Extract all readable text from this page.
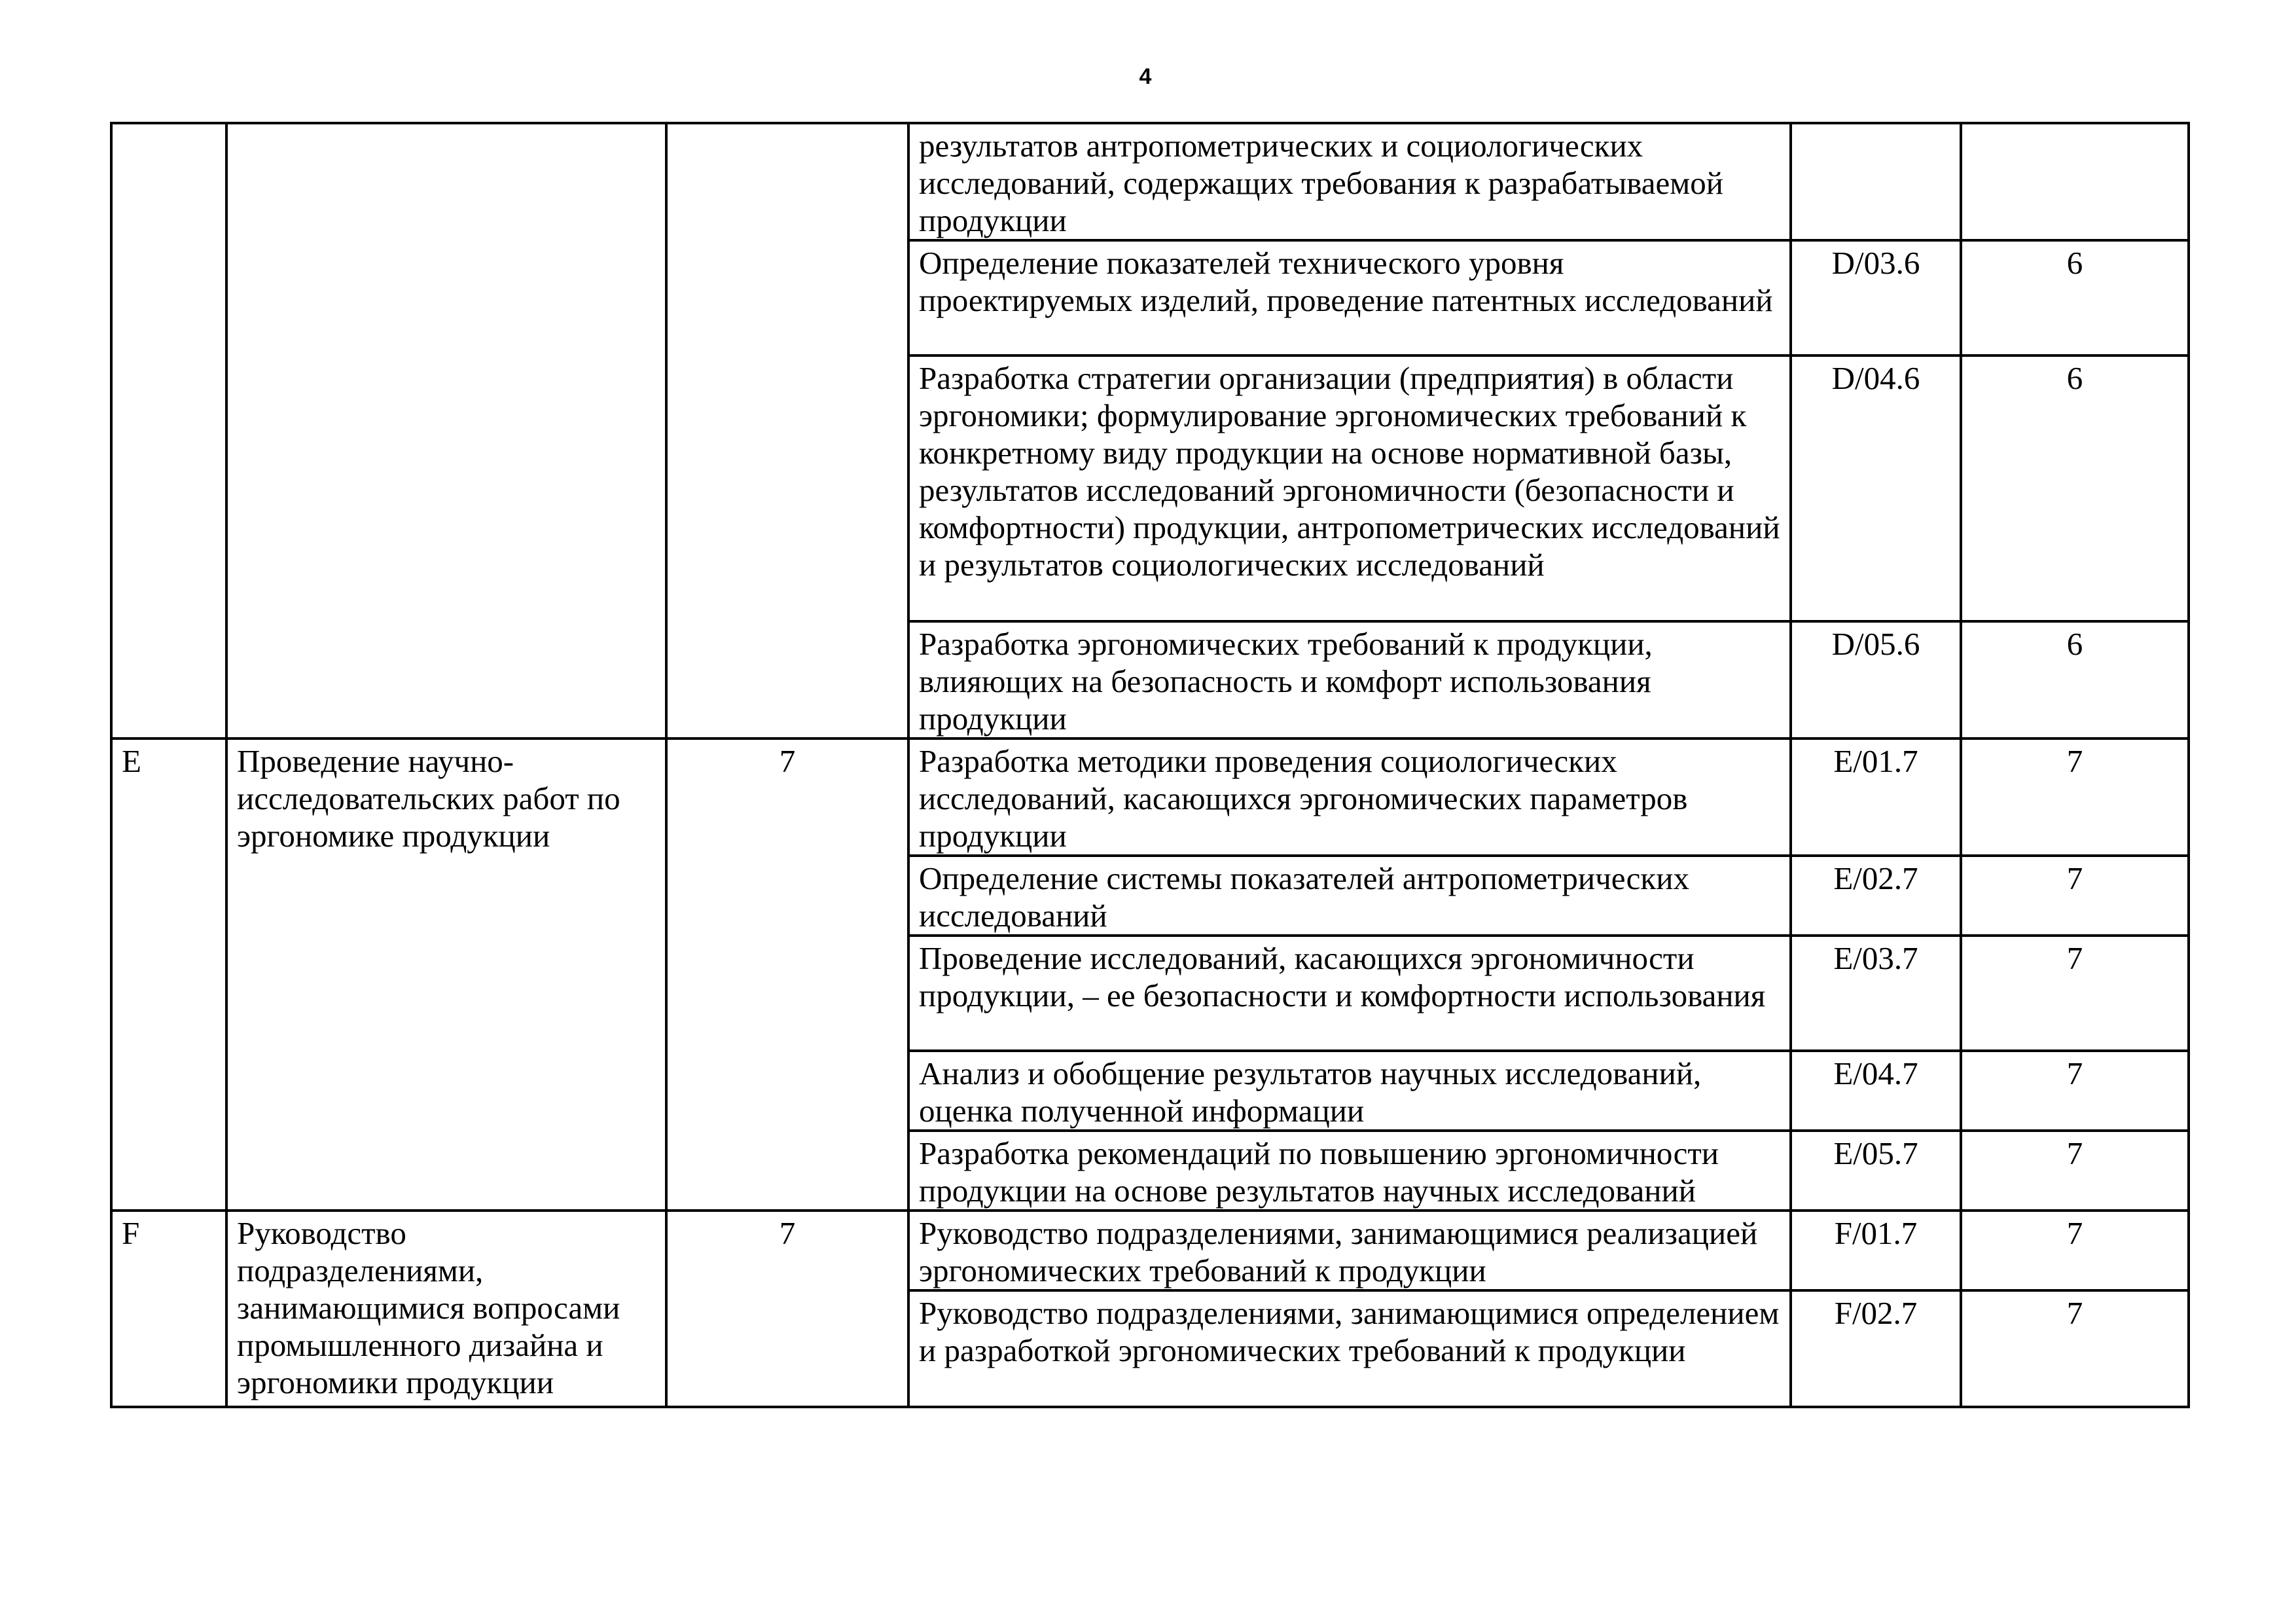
4
			результатов антропометрических и социологических исследований, содержащих требования к разрабатываемой продукции		
			Определение показателей технического уровня проектируемых изделий, проведение патентных исследований	D/03.6	6
			Разработка стратегии организации (предприятия) в области эргономики; формулирование эргономических требований к конкретному виду продукции на основе нормативной базы, результатов исследований эргономичности (безопасности и комфортности) продукции, антропометрических исследований и результатов социологических исследований	D/04.6	6
			Разработка эргономических требований к продукции, влияющих на безопасность и комфорт использования продукции	D/05.6	6
E	Проведение научно-исследовательских работ по эргономике продукции	7	Разработка методики проведения социологических исследований, касающихся эргономических параметров продукции	E/01.7	7
			Определение системы показателей антропометрических исследований	E/02.7	7
			Проведение исследований, касающихся эргономичности продукции, – ее безопасности и комфортности использования	E/03.7	7
			Анализ и обобщение результатов научных исследований, оценка полученной информации	E/04.7	7
			Разработка рекомендаций по повышению эргономичности продукции на основе результатов научных исследований	E/05.7	7
F	Руководство подразделениями, занимающимися вопросами промышленного дизайна и эргономики продукции	7	Руководство подразделениями, занимающимися реализацией эргономических требований к продукции	F/01.7	7
			Руководство подразделениями, занимающимися определением и разработкой эргономических требований к продукции	F/02.7	7
